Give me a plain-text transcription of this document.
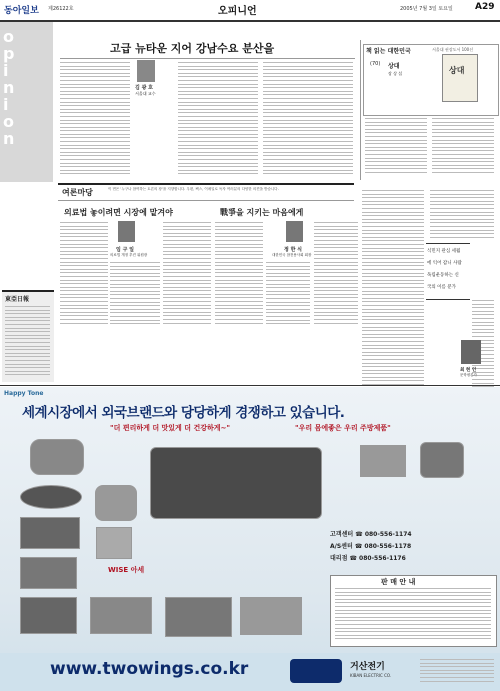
동아일보 제26122호	오피니언	2005년 7월 3일 토요일 A29
o
p
i
n
i
o
n
고급 뉴타운 지어 강남수요 분산을
김 광 호
서울대 교수
책 읽는 대한민국	서울대 권장도서 100선
(70) 상대
장 상 섭	상대
여론마당	이 면은 '누구나 참여하는 토론의 장'을 지향합니다. 우편, 팩스, 이메일로 독자 여러분의 다양한 의견을 받습니다.
의료법 놓이려면 시장에 맡겨야
임 구 일
의료법 개정 추진 위원장
戰爭을 지키는 마음에게
정 한 식
대한민국 참전용사회 회장
東亞日報
식민지 관심 세월
에 익어 갑니 사람
독립운동하는 신
국의 이름 분가
최 현 인
문학평론가
Happy Tone
세계시장에서 외국브랜드와 당당하게 경쟁하고 있습니다.
"더 편리하게 더 맛있게 더 건강하게~"	"우리 몸에좋은 우리 주방제품"
WISE 아세
고객센터 ☎ 080-556-1174
A/S센터 ☎ 080-556-1178
대리점 ☎ 080-556-1176
판 매 안 내
www.twowings.co.kr	거산전기
KIBAN ELECTRIC CO.
